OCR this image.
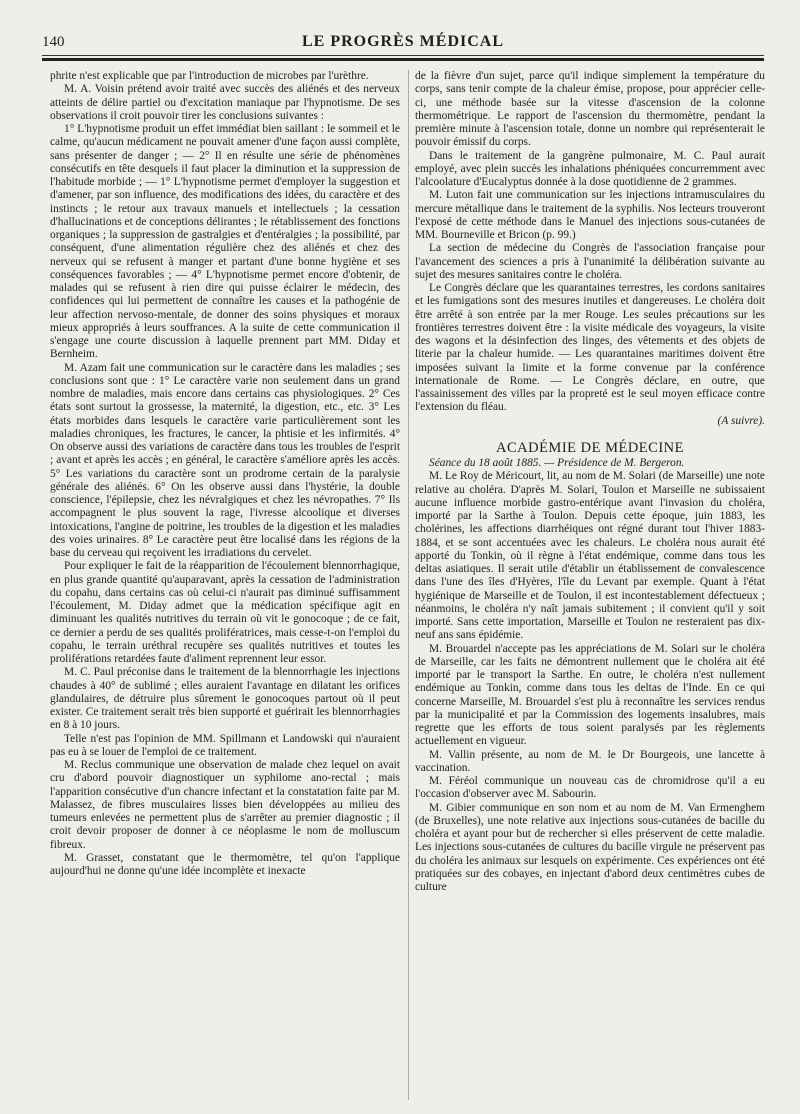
140	LE PROGRÈS MÉDICAL

phrite n'est explicable que par l'introduction de microbes par l'urèthre.

M. A. Voisin prétend avoir traité avec succès des aliénés et des nerveux atteints de délire partiel ou d'excitation maniaque par l'hypnotisme. De ses observations il croit pouvoir tirer les conclusions suivantes :

1° L'hypnotisme produit un effet immédiat bien saillant : le sommeil et le calme, qu'aucun médicament ne pouvait amener d'une façon aussi complète, sans présenter de danger ; — 2° Il en résulte une série de phénomènes consécutifs en tête desquels il faut placer la diminution et la suppression de l'habitude morbide ; — 1° L'hypnotisme permet d'employer la suggestion et d'amener, par son influence, des modifications des idées, du caractère et des instincts ; le retour aux travaux manuels et intellectuels ; la cessation d'hallucinations et de conceptions délirantes ; le rétablissement des fonctions organiques ; la suppression de gastralgies et d'entéralgies ; la possibilité, par conséquent, d'une alimentation régulière chez des aliénés et chez des nerveux qui se refusent à manger et partant d'une bonne hygiène et ses conséquences favorables ; — 4° L'hypnotisme permet encore d'obtenir, de malades qui se refusent à rien dire qui puisse éclairer le médecin, des confidences qui lui permettent de connaître les causes et la pathogénie de leur affection nervoso-mentale, de donner des soins physiques et moraux mieux appropriés à leurs souffrances. A la suite de cette communication il s'engage une courte discussion à laquelle prennent part MM. Diday et Bernheim.

M. Azam fait une communication sur le caractère dans les maladies ; ses conclusions sont que : 1° Le caractère varie non seulement dans un grand nombre de maladies, mais encore dans certains cas physiologiques. 2° Ces états sont surtout la grossesse, la maternité, la digestion, etc., etc. 3° Les états morbides dans lesquels le caractère varie particulièrement sont les maladies chroniques, les fractures, le cancer, la phtisie et les infirmités. 4° On observe aussi des variations de caractère dans tous les troubles de l'esprit ; avant et après les accès ; en général, le caractère s'améliore après les accès. 5° Les variations du caractère sont un prodrome certain de la paralysie générale des aliénés. 6° On les observe aussi dans l'hystérie, la double conscience, l'épilepsie, chez les névralgiques et chez les névropathes. 7° Ils accompagnent le plus souvent la rage, l'ivresse alcoolique et diverses intoxications, l'angine de poitrine, les troubles de la digestion et les maladies des voies urinaires. 8° Le caractère peut être localisé dans les régions de la base du cerveau qui reçoivent les irradiations du cervelet.

Pour expliquer le fait de la réapparition de l'écoulement blennorrhagique, en plus grande quantité qu'auparavant, après la cessation de l'administration du copahu, dans certains cas où celui-ci n'aurait pas diminué suffisamment l'écoulement, M. Diday admet que la médication spécifique agit en diminuant les qualités nutritives du terrain où vit le gonocoque ; de ce fait, ce dernier a perdu de ses qualités prolifératrices, mais cesse-t-on l'emploi du copahu, le terrain uréthral recupère ses qualités nutritives et toutes les proliférations retardées faute d'aliment reprennent leur essor.

M. C. Paul préconise dans le traitement de la blennorrhagie les injections chaudes à 40° de sublimé ; elles auraient l'avantage en dilatant les orifices glandulaires, de détruire plus sûrement le gonocoques partout où il peut exister. Ce traitement serait très bien supporté et guérirait les blennorrhagies en 8 à 10 jours.

Telle n'est pas l'opinion de MM. Spillmann et Landowski qui n'auraient pas eu à se louer de l'emploi de ce traitement.

M. Reclus communique une observation de malade chez lequel on avait cru d'abord pouvoir diagnostiquer un syphilome ano-rectal ; mais l'apparition consécutive d'un chancre infectant et la constatation faite par M. Malassez, de fibres musculaires lisses bien développées au milieu des tumeurs enlevées ne permettent plus de s'arrêter au premier diagnostic ; il croit devoir proposer de donner à ce néoplasme le nom de molluscum fibreux.

M. Grasset, constatant que le thermomètre, tel qu'on l'applique aujourd'hui ne donne qu'une idée incomplète et inexacte

de la fièvre d'un sujet, parce qu'il indique simplement la température du corps, sans tenir compte de la chaleur émise, propose, pour apprécier celle-ci, une méthode basée sur la vitesse d'ascension de la colonne thermométrique. Le rapport de l'ascension du thermomètre, pendant la première minute à l'ascension totale, donne un nombre qui représenterait le pouvoir émissif du corps.

Dans le traitement de la gangrène pulmonaire, M. C. Paul aurait employé, avec plein succès les inhalations phéniquées concurremment avec l'alcoolature d'Eucalyptus donnée à la dose quotidienne de 2 grammes.

M. Luton fait une communication sur les injections intramusculaires du mercure métallique dans le traitement de la syphilis. Nos lecteurs trouveront l'exposé de cette méthode dans le Manuel des injections sous-cutanées de MM. Bourneville et Bricon (p. 99.)

La section de médecine du Congrès de l'association française pour l'avancement des sciences a pris à l'unanimité la délibération suivante au sujet des mesures sanitaires contre le choléra.

Le Congrès déclare que les quarantaines terrestres, les cordons sanitaires et les fumigations sont des mesures inutiles et dangereuses. Le choléra doit être arrêté à son entrée par la mer Rouge. Les seules précautions sur les frontières terrestres doivent être : la visite médicale des voyageurs, la visite des wagons et la désinfection des linges, des vêtements et des objets de literie par la chaleur humide. — Les quarantaines maritimes doivent être imposées suivant la limite et la forme convenue par la conférence internationale de Rome. — Le Congrès déclare, en outre, que l'assainissement des villes par la propreté est le seul moyen efficace contre l'extension du fléau.

(A suivre).

ACADÉMIE DE MÉDECINE

Séance du 18 août 1885. — Présidence de M. Bergeron.

M. Le Roy de Méricourt, lit, au nom de M. Solari (de Marseille) une note relative au choléra. D'après M. Solari, Toulon et Marseille ne subissaient aucune influence morbide gastro-entérique avant l'invasion du choléra, importé par la Sarthe à Toulon. Depuis cette époque, juin 1883, les cholérines, les affections diarrhéiques ont régné durant tout l'hiver 1883-1884, et se sont accentuées avec les chaleurs. Le choléra nous aurait été apporté du Tonkin, où il règne à l'état endémique, comme dans tous les deltas asiatiques. Il serait utile d'établir un établissement de convalescence dans l'une des îles d'Hyères, l'île du Levant par exemple. Quant à l'état hygiénique de Marseille et de Toulon, il est incontestablement défectueux ; néanmoins, le choléra n'y naît jamais subitement ; il convient qu'il y soit importé. Sans cette importation, Marseille et Toulon ne resteraient pas dix-neuf ans sans épidémie.

M. Brouardel n'accepte pas les appréciations de M. Solari sur le choléra de Marseille, car les faits ne démontrent nullement que le choléra ait été importé par le transport la Sarthe. En outre, le choléra n'est nullement endémique au Tonkin, comme dans tous les deltas de l'Inde. En ce qui concerne Marseille, M. Brouardel s'est plu à reconnaître les services rendus par la municipalité et par la Commission des logements insalubres, mais regrette que les efforts de tous soient paralysés par les règlements actuellement en vigueur.

M. Vallin présente, au nom de M. le Dr Bourgeois, une lancette à vaccination.

M. Féréol communique un nouveau cas de chromidrose qu'il a eu l'occasion d'observer avec M. Sabourin.

M. Gibier communique en son nom et au nom de M. Van Ermenghem (de Bruxelles), une note relative aux injections sous-cutanées de bacille du choléra et ayant pour but de rechercher si elles préservent de cette maladie. Les injections sous-cutanées de cultures du bacille virgule ne préservent pas du choléra les animaux sur lesquels on expérimente. Ces expériences ont été pratiquées sur des cobayes, en injectant d'abord deux centimètres cubes de culture
